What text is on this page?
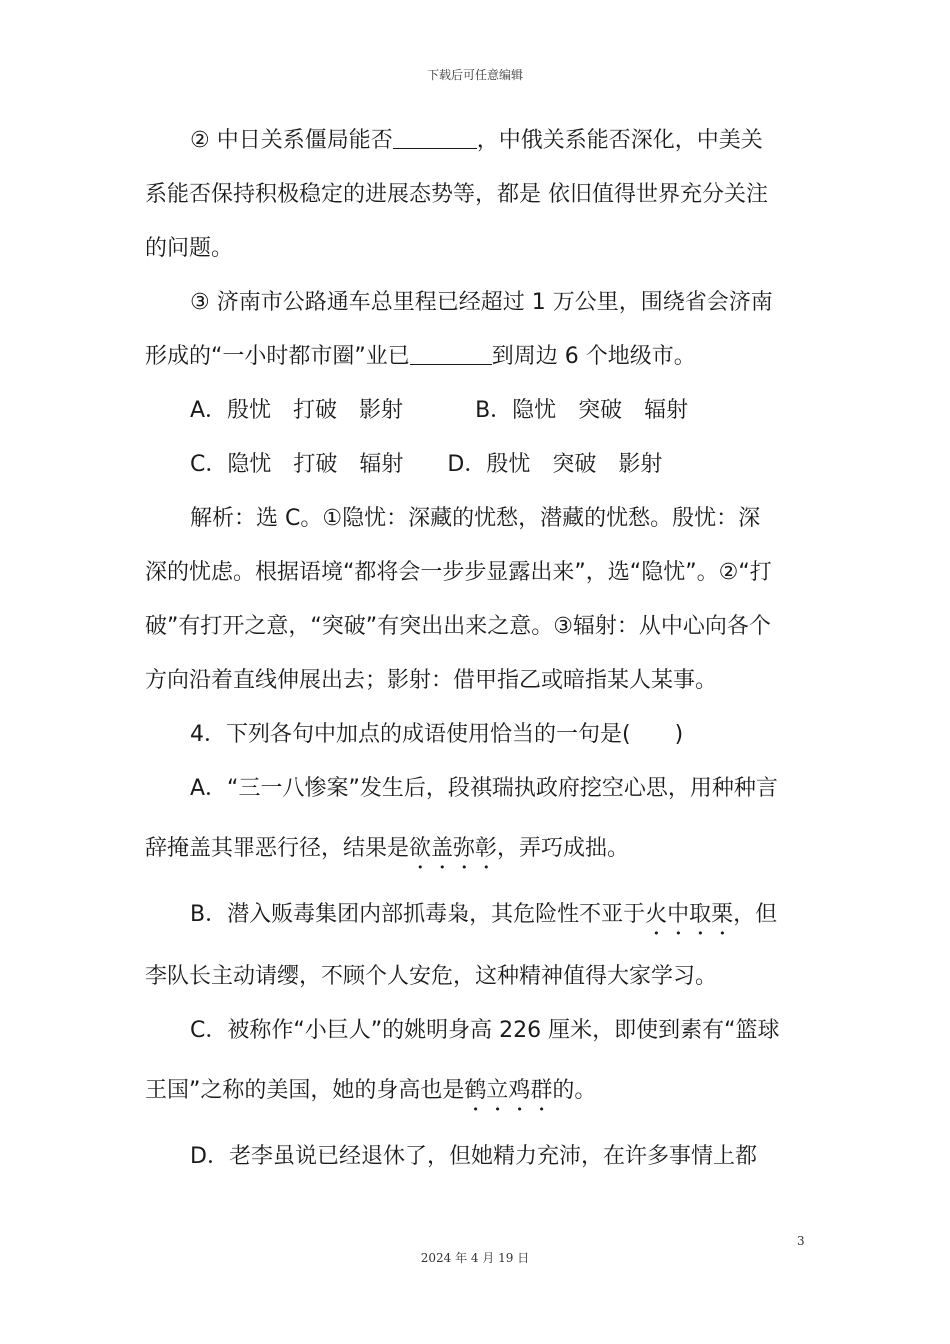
下载后可任意编辑
② 中日关系僵局能否	，中俄关系能否深化，中美关
系能否保持积极稳定的进展态势等，都是 依旧值得世界充分关注
的问题。
③ 济南市公路通车总里程已经超过 1 万公里，围绕省会济南
形成的“一小时都市圈”业已	到周边 6 个地级市。
A．殷忧　打破　影射	B．隐忧　突破　辐射
C．隐忧　打破　辐射 D．殷忧　突破　影射
解析：选 C。①隐忧：深藏的忧愁，潜藏的忧愁。殷忧：深
深的忧虑。根据语境“都将会一步步显露出来”，选“隐忧”。②“打
破”有打开之意，“突破”有突出出来之意。③辐射：从中心向各个
方向沿着直线伸展出去；影射：借甲指乙或暗指某人某事。
4．下列各句中加点的成语使用恰当的一句是(　　)
A．“三一八惨案”发生后，段祺瑞执政府挖空心思，用种种言
辞掩盖其罪恶行径，结果是欲盖弥彰，弄巧成拙。
B．潜入贩毒集团内部抓毒枭，其危险性不亚于火中取栗，但
李队长主动请缨，不顾个人安危，这种精神值得大家学习。
C．被称作“小巨人”的姚明身高 226 厘米，即使到素有“篮球
王国”之称的美国，她的身高也是鹤立鸡群的。
D．老李虽说已经退休了，但她精力充沛，在许多事情上都
3
2024 年 4 月 19 日
